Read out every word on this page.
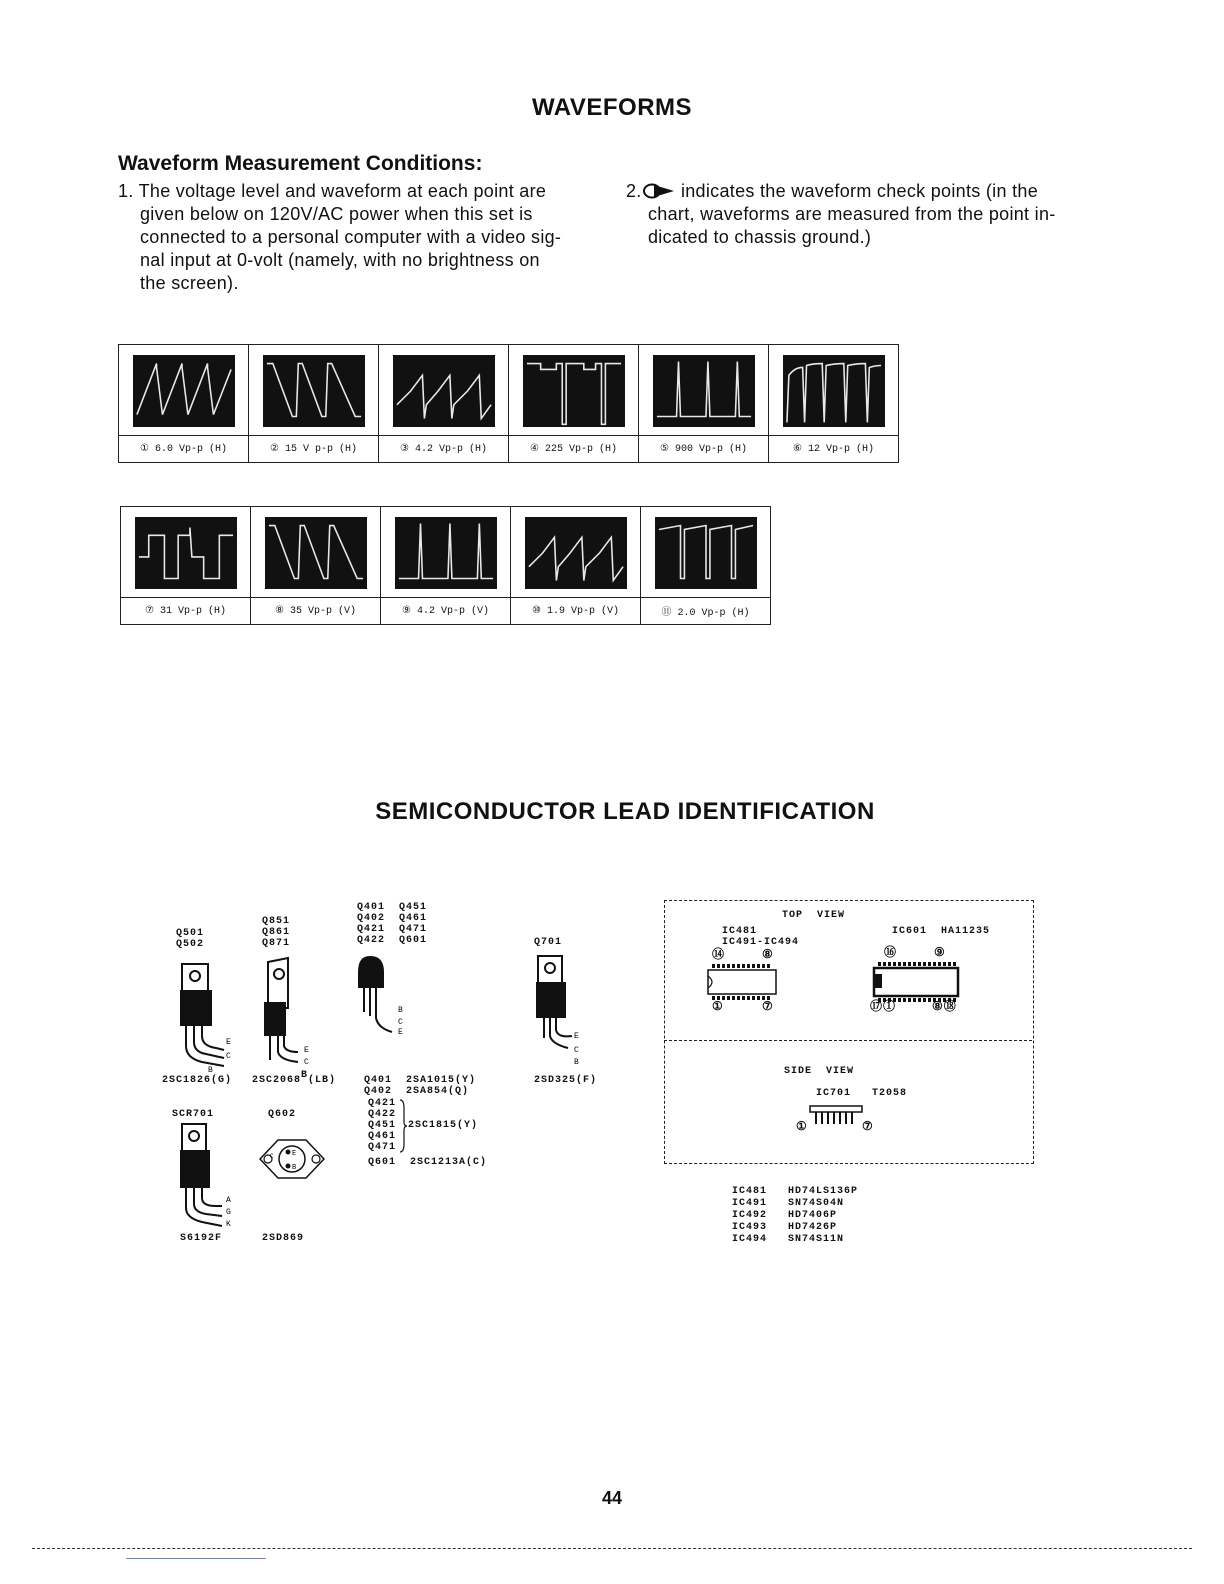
WAVEFORMS
Waveform Measurement Conditions:
1. The voltage level and waveform at each point are
given below on 120V/AC power when this set is
connected to a personal computer with a video sig-
nal input at 0-volt (namely, with no brightness on
the screen).
2. indicates the waveform check points (in the
chart, waveforms are measured from the point in-
dicated to chassis ground.)
① 6.0 Vp-p (H)	② 15 V p-p (H)	③ 4.2 Vp-p (H)	④ 225 Vp-p (H)	⑤ 900 Vp-p (H)	⑥ 12 Vp-p (H)
⑦ 31 Vp-p (H)	⑧ 35 Vp-p (V)	⑨ 4.2 Vp-p (V)	⑩ 1.9 Vp-p (V)	⑪ 2.0 Vp-p (H)
SEMICONDUCTOR LEAD IDENTIFICATION
Q501
Q502
E
C
B
2SC1826(G)
Q851
Q861
Q871
E
C
2SC2068B(LB)
Q401  Q451
Q402  Q461
Q421  Q471
Q422  Q601
B
C
E
Q401  2SA1015(Y)
Q402  2SA854(Q)
Q421
Q422
Q451
Q461
Q471
2SC1815(Y)
Q601  2SC1213A(C)
Q701
E
C
B
2SD325(F)
SCR701
A
G
K
S6192F
Q602
E
B
C
2SD869
TOP  VIEW
IC481
IC491-IC494
IC601  HA11235
⑭	⑧
①	⑦
⑯	⑨
⑰①	⑧⑱
SIDE  VIEW
IC701   T2058
①	⑦
IC481   HD74LS136P
IC491   SN74S04N
IC492   HD7406P
IC493   HD7426P
IC494   SN74S11N
44
